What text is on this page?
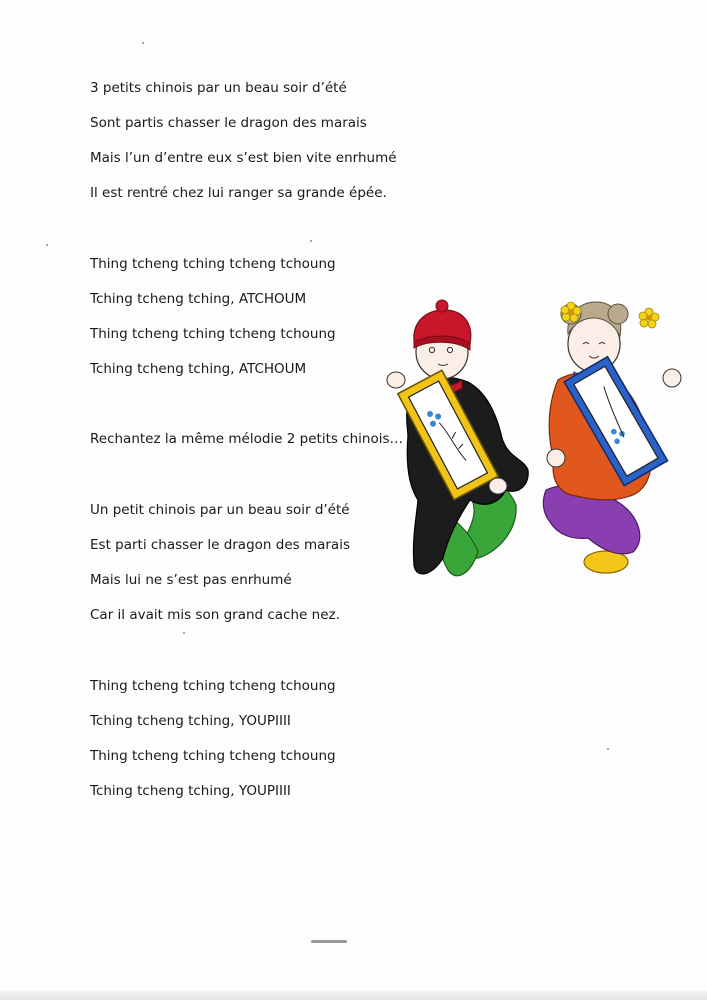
3 petits chinois par un beau soir d’été
Sont partis chasser le dragon des marais
Mais l’un d’entre eux s’est bien vite enrhumé
Il est rentré chez lui ranger sa grande épée.
Thing tcheng tching tcheng tchoung
Tching tcheng tching, ATCHOUM
Thing tcheng tching tcheng tchoung
Tching tcheng tching, ATCHOUM
Rechantez la même mélodie 2 petits chinois…
Un petit chinois par un beau soir d’été
Est parti chasser le dragon des marais
Mais lui ne s’est pas enrhumé
Car il avait mis son grand cache nez.
Thing tcheng tching tcheng tchoung
Tching tcheng tching, YOUPIIII
Thing tcheng tching tcheng tchoung
Tching tcheng tching, YOUPIIII
